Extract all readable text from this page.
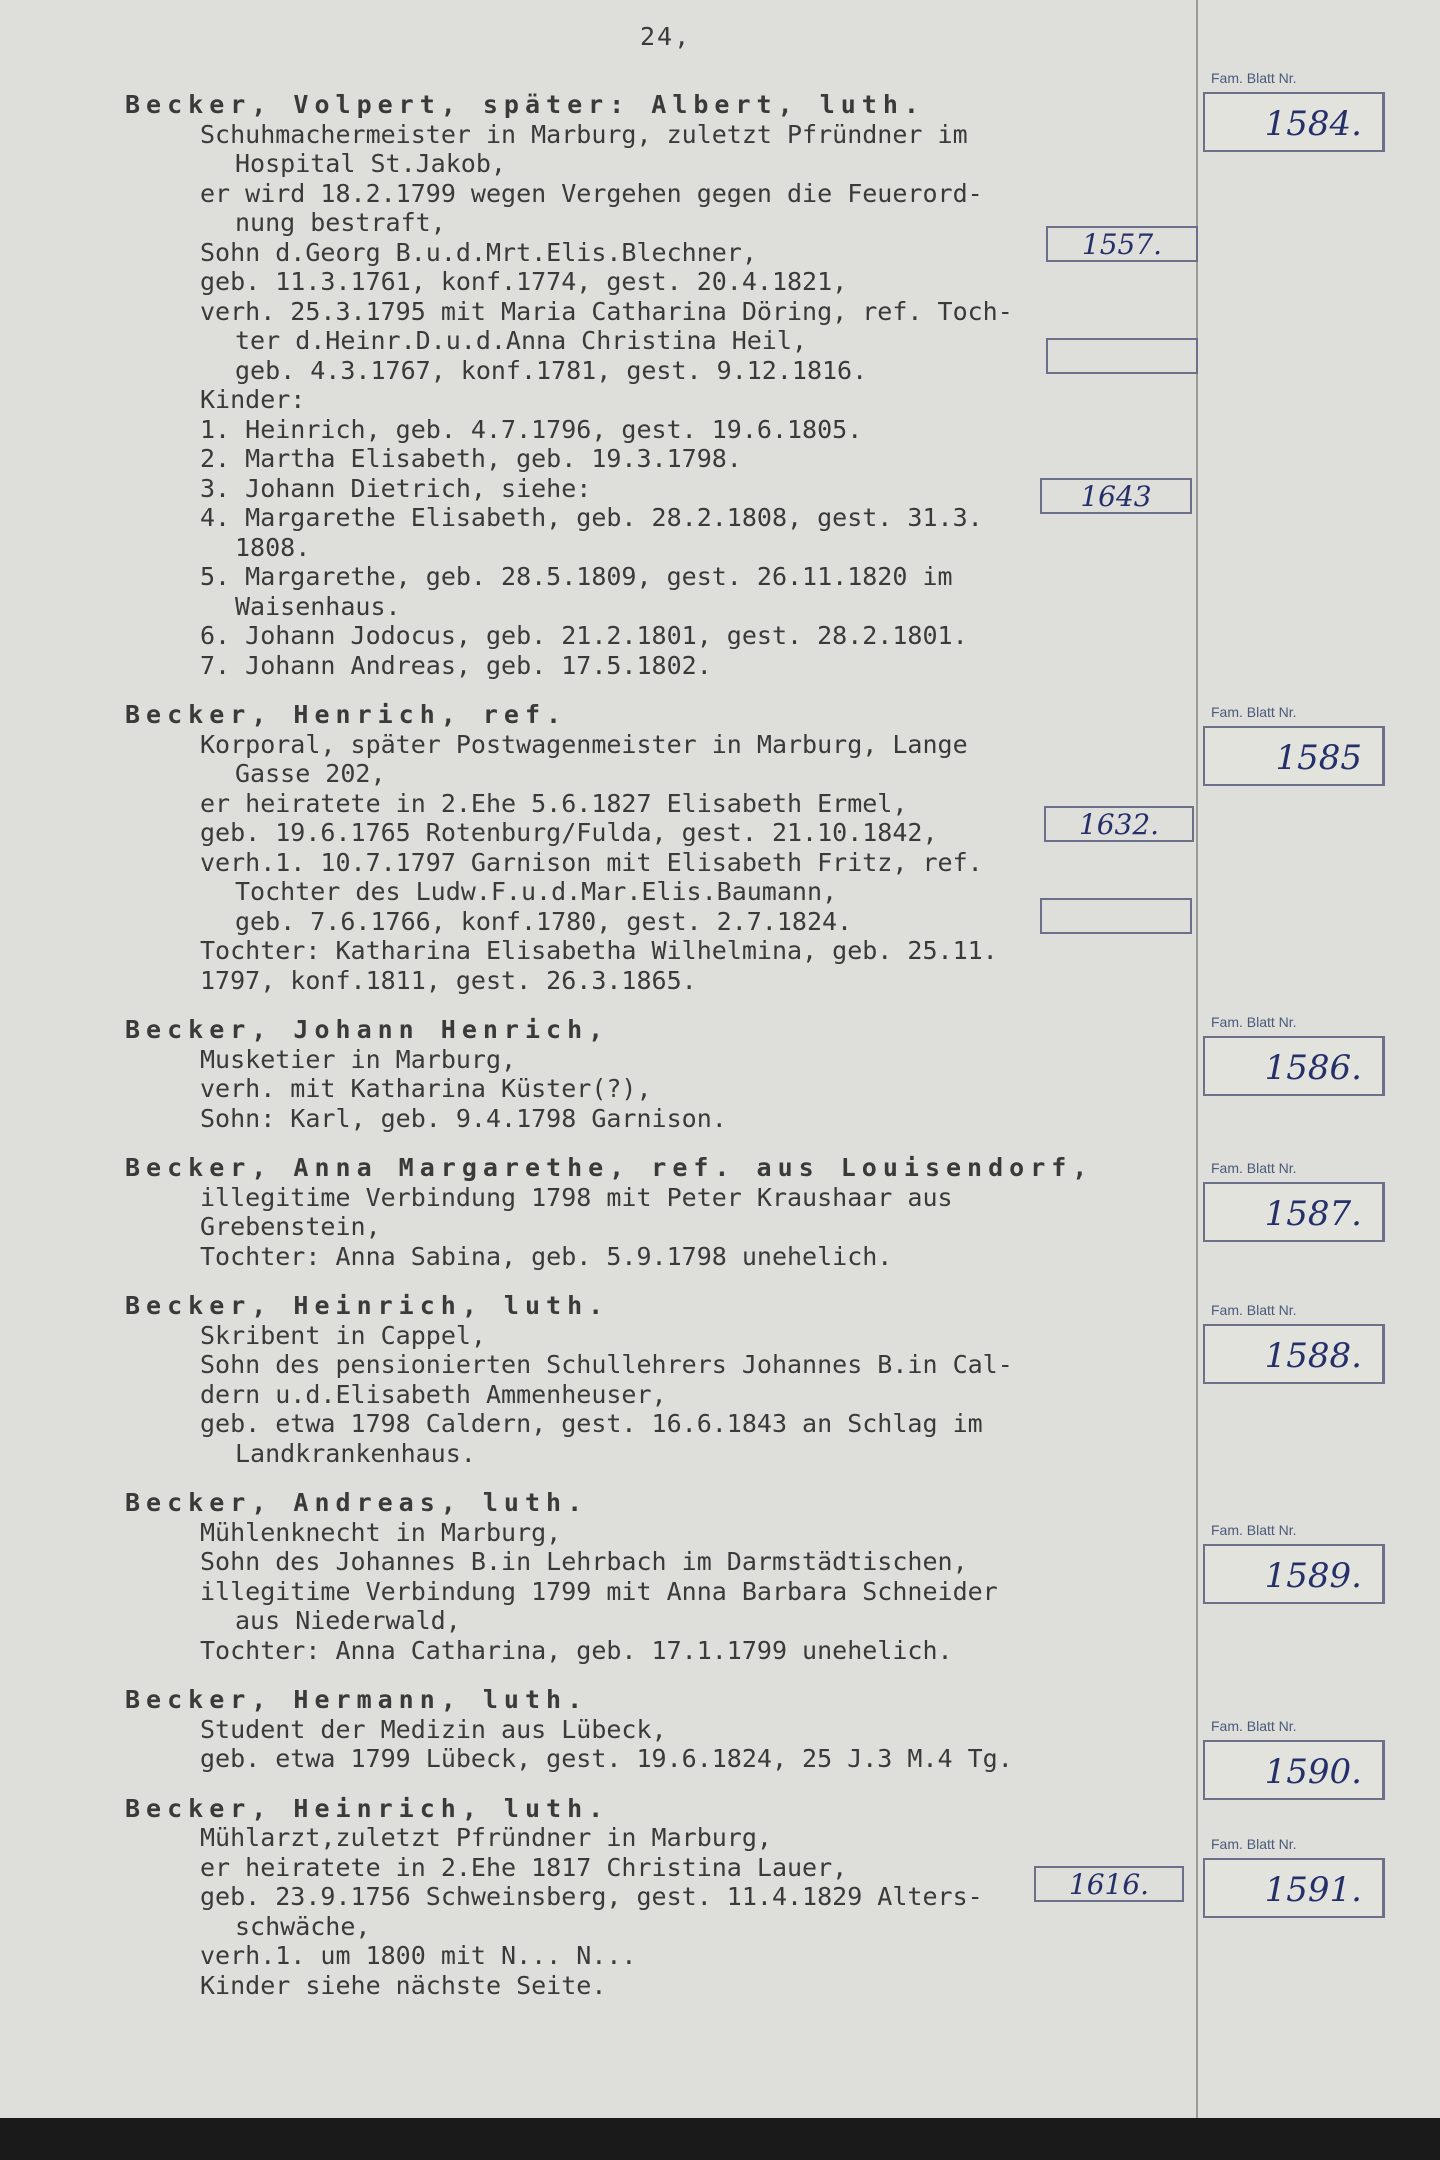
24,
Becker, Volpert, später: Albert, luth.
Schuhmachermeister in Marburg, zuletzt Pfründner im
Hospital St.Jakob,
er wird 18.2.1799 wegen Vergehen gegen die Feuerord-
nung bestraft,
Sohn d.Georg B.u.d.Mrt.Elis.Blechner,
geb. 11.3.1761, konf.1774, gest. 20.4.1821,
verh. 25.3.1795 mit Maria Catharina Döring, ref. Toch-
ter d.Heinr.D.u.d.Anna Christina Heil,
geb. 4.3.1767, konf.1781, gest. 9.12.1816.
Kinder:
1. Heinrich, geb. 4.7.1796, gest. 19.6.1805.
2. Martha Elisabeth, geb. 19.3.1798.
3. Johann Dietrich, siehe:
4. Margarethe Elisabeth, geb. 28.2.1808, gest. 31.3.
1808.
5. Margarethe, geb. 28.5.1809, gest. 26.11.1820 im
Waisenhaus.
6. Johann Jodocus, geb. 21.2.1801, gest. 28.2.1801.
7. Johann Andreas, geb. 17.5.1802.
Becker, Henrich, ref.
Korporal, später Postwagenmeister in Marburg, Lange
Gasse 202,
er heiratete in 2.Ehe 5.6.1827 Elisabeth Ermel,
geb. 19.6.1765 Rotenburg/Fulda, gest. 21.10.1842,
verh.1. 10.7.1797 Garnison mit Elisabeth Fritz, ref.
Tochter des Ludw.F.u.d.Mar.Elis.Baumann,
geb. 7.6.1766, konf.1780, gest. 2.7.1824.
Tochter: Katharina Elisabetha Wilhelmina, geb. 25.11.
1797, konf.1811, gest. 26.3.1865.
Becker, Johann Henrich,
Musketier in Marburg,
verh. mit Katharina Küster(?),
Sohn: Karl, geb. 9.4.1798 Garnison.
Becker, Anna Margarethe, ref. aus Louisendorf,
illegitime Verbindung 1798 mit Peter Kraushaar aus
Grebenstein,
Tochter: Anna Sabina, geb. 5.9.1798 unehelich.
Becker, Heinrich, luth.
Skribent in Cappel,
Sohn des pensionierten Schullehrers Johannes B.in Cal-
dern u.d.Elisabeth Ammenheuser,
geb. etwa 1798 Caldern, gest. 16.6.1843 an Schlag im
Landkrankenhaus.
Becker, Andreas, luth.
Mühlenknecht in Marburg,
Sohn des Johannes B.in Lehrbach im Darmstädtischen,
illegitime Verbindung 1799 mit Anna Barbara Schneider
aus Niederwald,
Tochter: Anna Catharina, geb. 17.1.1799 unehelich.
Becker, Hermann, luth.
Student der Medizin aus Lübeck,
geb. etwa 1799 Lübeck, gest. 19.6.1824, 25 J.3 M.4 Tg.
Becker, Heinrich, luth.
Mühlarzt,zuletzt Pfründner in Marburg,
er heiratete in 2.Ehe 1817 Christina Lauer,
geb. 23.9.1756 Schweinsberg, gest. 11.4.1829 Alters-
schwäche,
verh.1. um 1800 mit N... N...
Kinder siehe nächste Seite.
Fam. Blatt Nr.
1584.
Fam. Blatt Nr.
1585
Fam. Blatt Nr.
1586.
Fam. Blatt Nr.
1587.
Fam. Blatt Nr.
1588.
Fam. Blatt Nr.
1589.
Fam. Blatt Nr.
1590.
Fam. Blatt Nr.
1591.
1557.
1643
1632.
1616.
